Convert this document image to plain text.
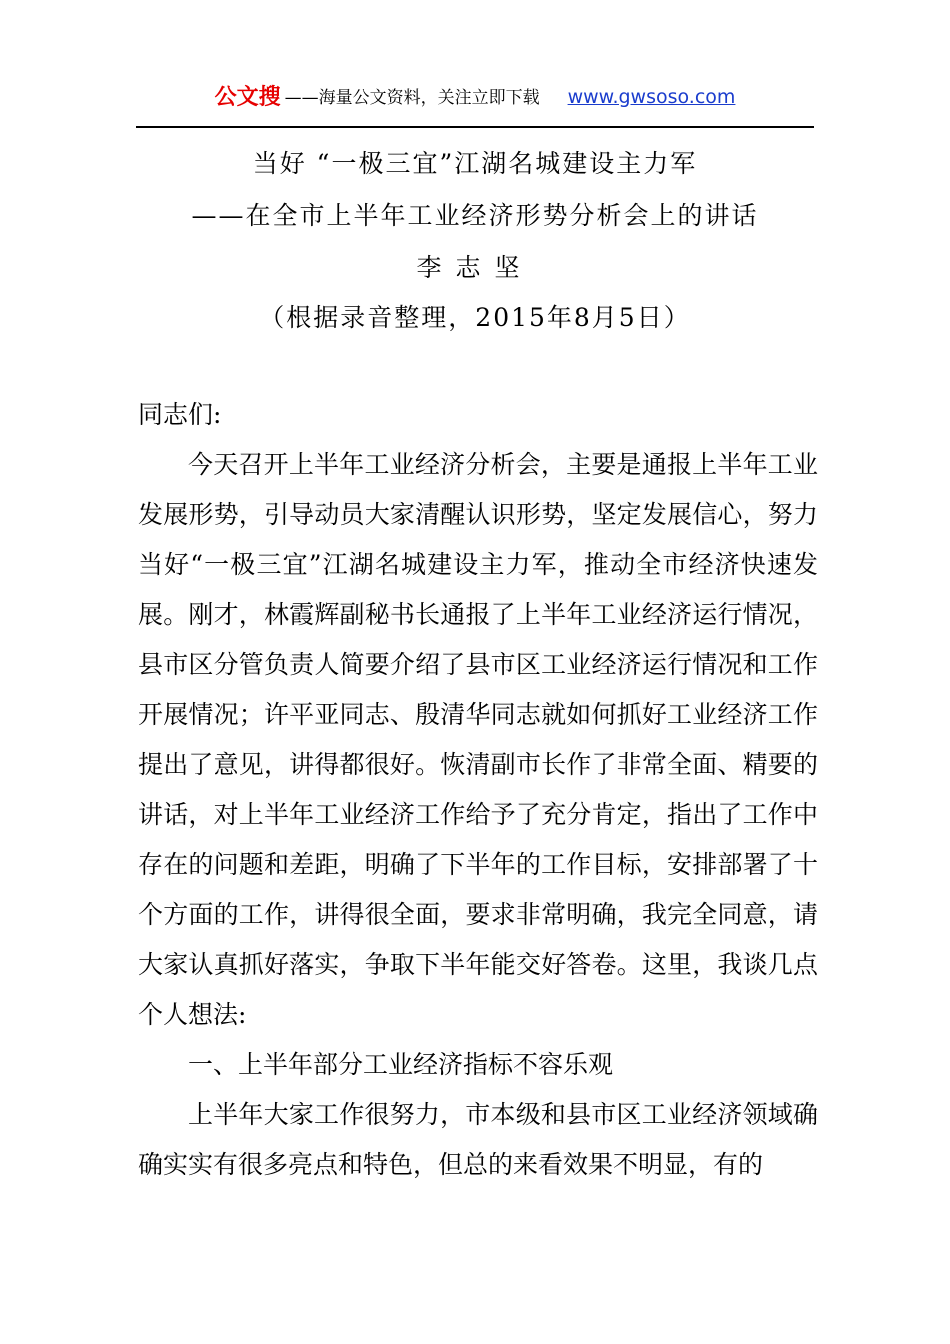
公文搜 ——海量公文资料，关注立即下载 www.gwsoso.com
当好 “一极三宜”江湖名城建设主力军
——在全市上半年工业经济形势分析会上的讲话
李志坚
（根据录音整理，2015年8月5日）

同志们:

今天召开上半年工业经济分析会，主要是通报上半年工业发展形势，引导动员大家清醒认识形势，坚定发展信心，努力当好“一极三宜”江湖名城建设主力军，推动全市经济快速发展。刚才，林霞辉副秘书长通报了上半年工业经济运行情况，县市区分管负责人简要介绍了县市区工业经济运行情况和工作开展情况；许平亚同志、殷清华同志就如何抓好工业经济工作提出了意见，讲得都很好。恢清副市长作了非常全面、精要的讲话，对上半年工业经济工作给予了充分肯定，指出了工作中存在的问题和差距，明确了下半年的工作目标，安排部署了十个方面的工作，讲得很全面，要求非常明确，我完全同意，请大家认真抓好落实，争取下半年能交好答卷。这里，我谈几点个人想法:

一、上半年部分工业经济指标不容乐观

上半年大家工作很努力，市本级和县市区工业经济领域确确实实有很多亮点和特色，但总的来看效果不明显，有的
